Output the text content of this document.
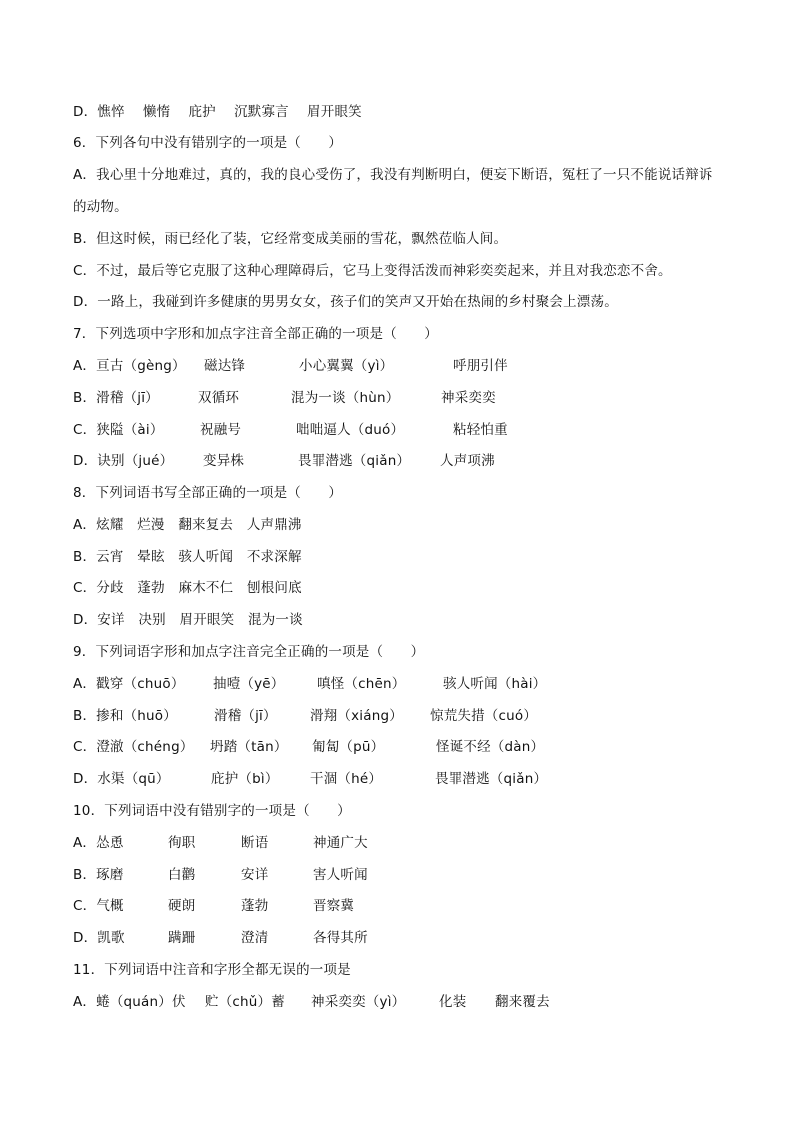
D．憔悴　 懒惰　 庇护　 沉默寡言　 眉开眼笑
6．下列各句中没有错别字的一项是（　　）
A．我心里十分地难过，真的，我的良心受伤了，我没有判断明白，便妄下断语，冤枉了一只不能说话辩诉
的动物。
B．但这时候，雨已经化了装，它经常变成美丽的雪花，飘然莅临人间。
C．不过，最后等它克服了这种心理障碍后，它马上变得活泼而神彩奕奕起来，并且对我恋恋不舍。
D．一路上，我碰到许多健康的男男女女，孩子们的笑声又开始在热闹的乡村聚会上漂荡。
7．下列选项中字形和加点字注音全部正确的一项是（　　）
A．亘古（gèng） 磁达锋	小心翼翼（yì）	呼朋引伴
B．滑稽（jī）	双循环	混为一谈（hùn）	神采奕奕
C．狭隘（ài）	祝融号	咄咄逼人（duó）	粘轻怕重
D．诀别（jué） 变异株	畏罪潜逃（qiǎn） 人声项沸
8．下列词语书写全部正确的一项是（　　）
A．炫耀　烂漫　翻来复去　人声鼎沸
B．云宵　晕眩　骇人听闻　不求深解
C．分歧　蓬勃　麻木不仁　刨根问底
D．安详　决别　眉开眼笑　混为一谈
9．下列词语字形和加点字注音完全正确的一项是（　　）
A．戳穿（chuō） 抽噎（yē） 嗔怪（chēn）	骇人听闻（hài）
B．掺和（huō）	滑稽（jī） 滑翔（xiáng） 惊荒失措（cuó）
C．澄澈（chéng） 坍踏（tān） 匍匐（pū）	怪诞不经（dàn）
D．水渠（qū）	庇护（bì） 干涸（hé）	畏罪潜逃（qiǎn）
10．下列词语中没有错别字的一项是（　　）
A．怂恿	徇职	断语	神通广大
B．琢磨	白鹳	安详	害人听闻
C．气概	硬朗	蓬勃	晋察冀
D．凯歌	蹒跚	澄清	各得其所
11．下列词语中注音和字形全都无误的一项是
A．蜷（quán）伏 贮（chǔ）蓄 神采奕奕（yì） 化装 翻来覆去
